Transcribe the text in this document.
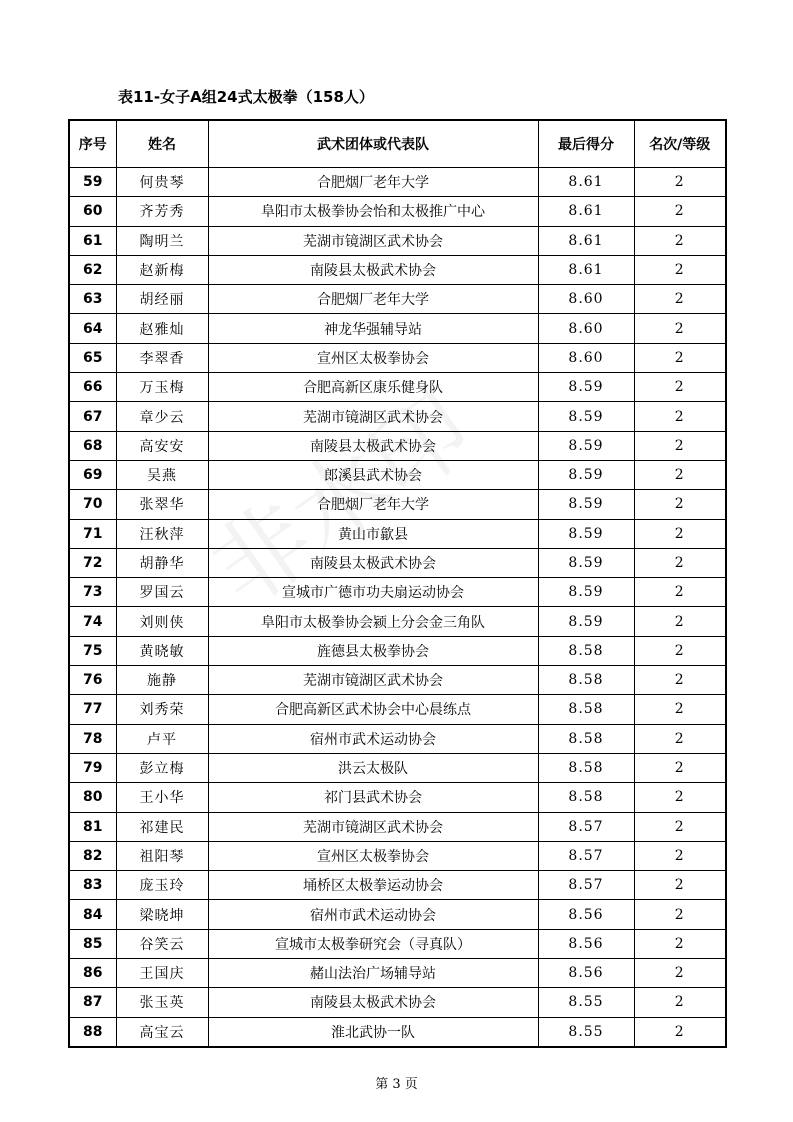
表11-女子A组24式太极拳（158人）
序号	姓名	武术团体或代表队	最后得分	名次/等级
59	何贵琴	合肥烟厂老年大学	8.61	2
60	齐芳秀	阜阳市太极拳协会怡和太极推广中心	8.61	2
61	陶明兰	芜湖市镜湖区武术协会	8.61	2
62	赵新梅	南陵县太极武术协会	8.61	2
63	胡经丽	合肥烟厂老年大学	8.60	2
64	赵雅灿	神龙华强辅导站	8.60	2
65	李翠香	宣州区太极拳协会	8.60	2
66	万玉梅	合肥高新区康乐健身队	8.59	2
67	章少云	芜湖市镜湖区武术协会	8.59	2
68	高安安	南陵县太极武术协会	8.59	2
69	吴燕	郎溪县武术协会	8.59	2
70	张翠华	合肥烟厂老年大学	8.59	2
71	汪秋萍	黄山市歙县	8.59	2
72	胡静华	南陵县太极武术协会	8.59	2
73	罗国云	宣城市广德市功夫扇运动协会	8.59	2
74	刘则侠	阜阳市太极拳协会颍上分会金三角队	8.59	2
75	黄晓敏	旌德县太极拳协会	8.58	2
76	施静	芜湖市镜湖区武术协会	8.58	2
77	刘秀荣	合肥高新区武术协会中心晨练点	8.58	2
78	卢平	宿州市武术运动协会	8.58	2
79	彭立梅	洪云太极队	8.58	2
80	王小华	祁门县武术协会	8.58	2
81	祁建民	芜湖市镜湖区武术协会	8.57	2
82	祖阳琴	宣州区太极拳协会	8.57	2
83	庞玉玲	埇桥区太极拳运动协会	8.57	2
84	梁晓坤	宿州市武术运动协会	8.56	2
85	谷笑云	宣城市太极拳研究会（寻真队）	8.56	2
86	王国庆	赭山法治广场辅导站	8.56	2
87	张玉英	南陵县太极武术协会	8.55	2
88	高宝云	淮北武协一队	8.55	2
第 3 页
